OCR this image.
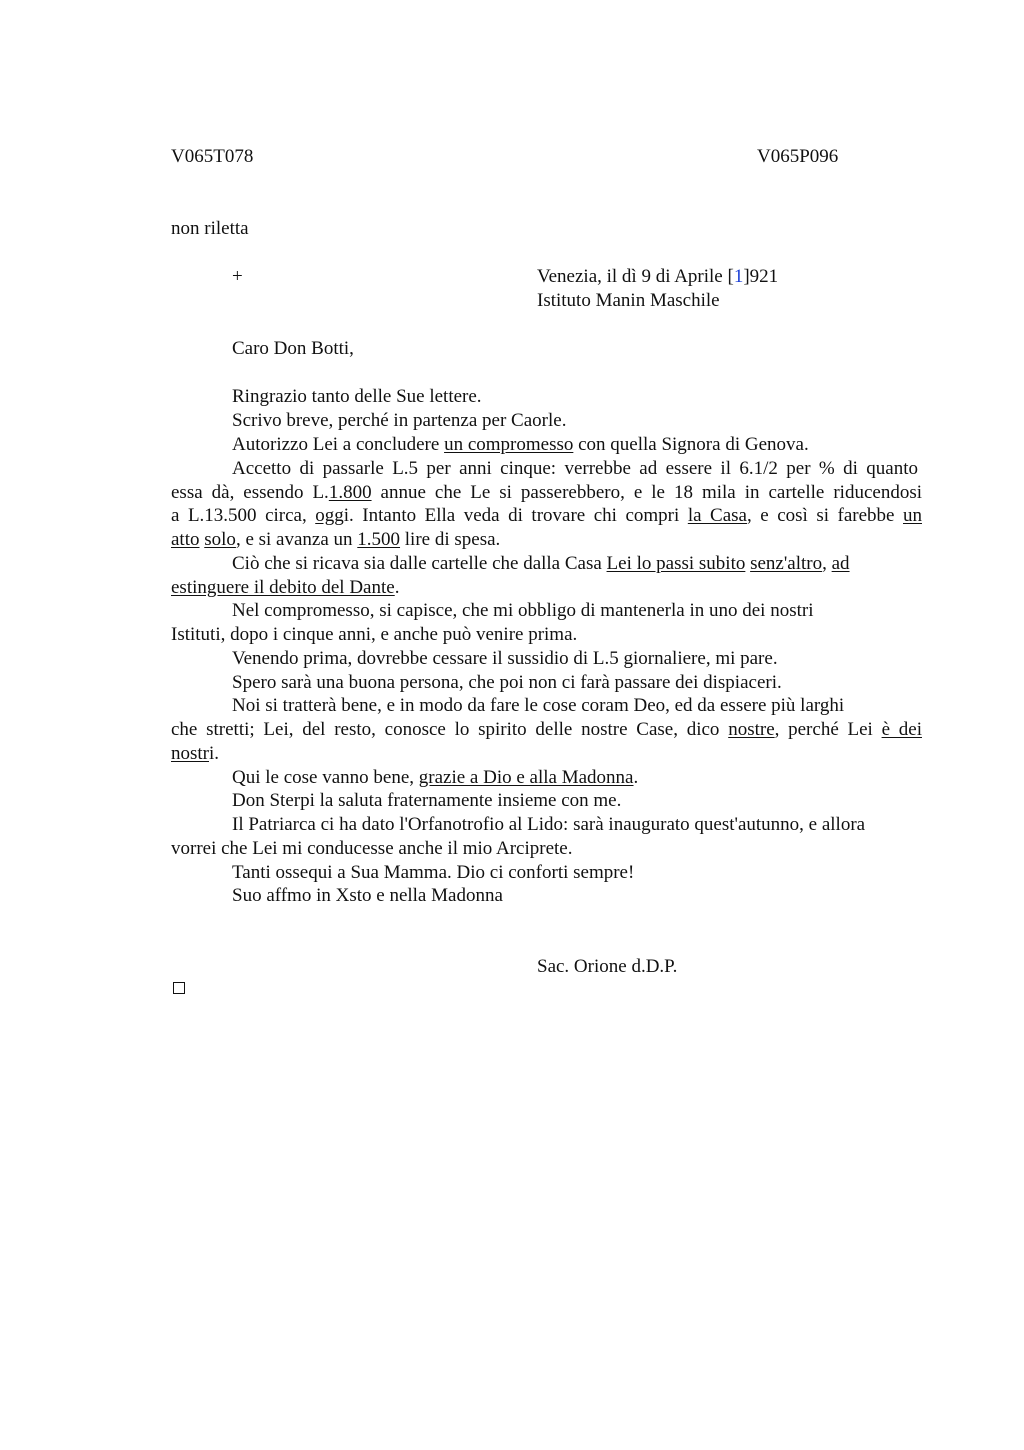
V065T078	V065P096
non riletta
+	Venezia, il dì 9 di Aprile [1]921
Istituto Manin Maschile
Caro Don Botti,
Ringrazio tanto delle Sue lettere.
Scrivo breve, perché in partenza per Caorle.
Autorizzo Lei a concludere un compromesso con quella Signora di Genova.
Accetto di passarle L.5 per anni cinque: verrebbe ad essere il 6.1/2 per % di quanto
essa dà, essendo L.1.800 annue che Le si passerebbero, e le 18 mila in cartelle riducendosi
a L.13.500 circa, oggi. Intanto Ella veda di trovare chi compri la Casa, e così si farebbe un
atto solo, e si avanza un 1.500 lire di spesa.
Ciò che si ricava sia dalle cartelle che dalla Casa Lei lo passi subito senz'altro, ad
estinguere il debito del Dante.
Nel compromesso, si capisce, che mi obbligo di mantenerla in uno dei nostri
Istituti, dopo i cinque anni, e anche può venire prima.
Venendo prima, dovrebbe cessare il sussidio di L.5 giornaliere, mi pare.
Spero sarà una buona persona, che poi non ci farà passare dei dispiaceri.
Noi si tratterà bene, e in modo da fare le cose coram Deo, ed da essere più larghi
che stretti; Lei, del resto, conosce lo spirito delle nostre Case, dico nostre, perché Lei è dei
nostri.
Qui le cose vanno bene, grazie a Dio e alla Madonna.
Don Sterpi la saluta fraternamente insieme con me.
Il Patriarca ci ha dato l'Orfanotrofio al Lido: sarà inaugurato quest'autunno, e allora
vorrei che Lei mi conducesse anche il mio Arciprete.
Tanti ossequi a Sua Mamma. Dio ci conforti sempre!
Suo affmo in Xsto e nella Madonna
Sac. Orione d.D.P.
